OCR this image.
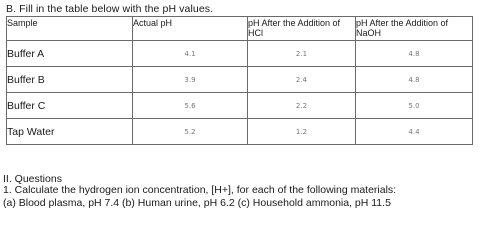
B. Fill in the table below with the pH values.
Sample	Actual pH	pH After the Addition of HCl	pH After the Addition of NaOH
Buffer A	4.1	2.1	4.8
Buffer B	3.9	2.4	4.8
Buffer C	5.6	2.2	5.0
Tap Water	5.2	1.2	4.4
II. Questions
1. Calculate the hydrogen ion concentration, [H+], for each of the following materials:
(a) Blood plasma, pH 7.4 (b) Human urine, pH 6.2 (c) Household ammonia, pH 11.5
